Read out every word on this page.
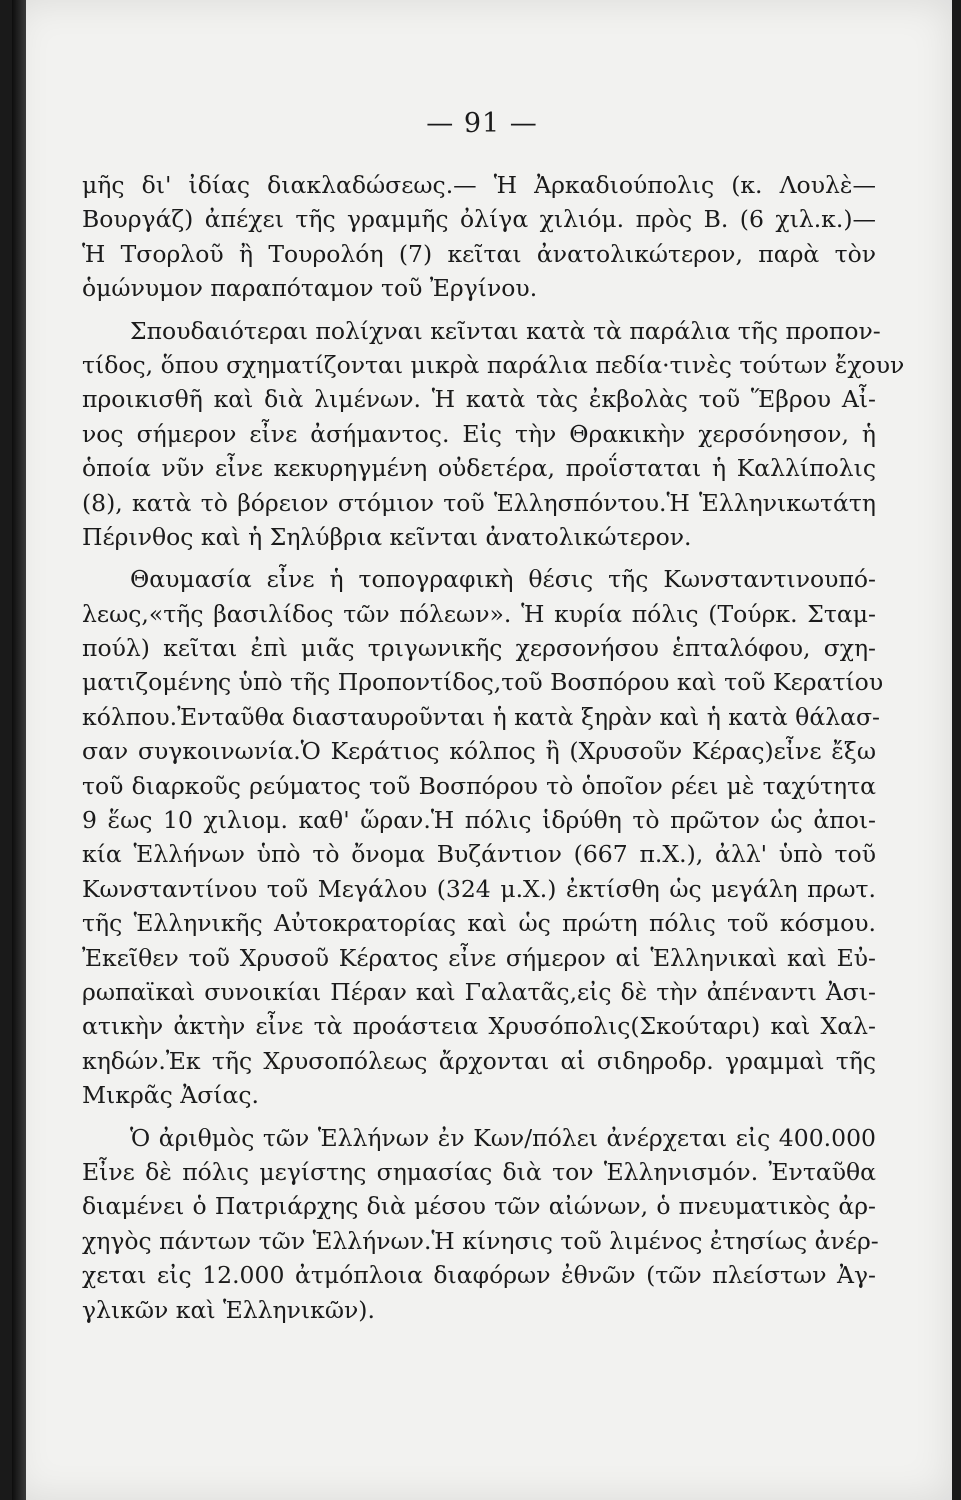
— 91 —
μῆς δι' ἰδίας διακλαδώσεως.— Ἡ Ἀρκαδιούπολις (κ. Λουλὲ—
Βουργάζ) ἀπέχει τῆς γραμμῆς ὀλίγα χιλιόμ. πρὸς Β. (6 χιλ.κ.)—
Ἡ Τσορλοῦ ἢ Τουρολόη (7) κεῖται ἀνατολικώτερον, παρὰ τὸν
ὁμώνυμον παραπόταμον τοῦ Ἐργίνου.
Σπουδαιότεραι πολίχναι κεῖνται κατὰ τὰ παράλια τῆς προπον-
τίδος, ὅπου σχηματίζονται μικρὰ παράλια πεδία·τινὲς τούτων ἔχουν
προικισθῆ καὶ διὰ λιμένων. Ἡ κατὰ τὰς ἐκβολὰς τοῦ Ἕβρου Αἶ-
νος σήμερον εἶνε ἀσήμαντος. Εἰς τὴν Θρακικὴν χερσόνησον, ἡ
ὁποία νῦν εἶνε κεκυρηγμένη οὐδετέρα, προΐσταται ἡ Καλλίπολις
(8), κατὰ τὸ βόρειον στόμιον τοῦ Ἑλλησπόντου.Ἡ Ἑλληνικωτάτη
Πέρινθος καὶ ἡ Σηλύβρια κεῖνται ἀνατολικώτερον.
Θαυμασία εἶνε ἡ τοπογραφικὴ θέσις τῆς Κωνσταντινουπό-
λεως,«τῆς βασιλίδος τῶν πόλεων». Ἡ κυρία πόλις (Τούρκ. Σταμ-
πούλ) κεῖται ἐπὶ μιᾶς τριγωνικῆς χερσονήσου ἑπταλόφου, σχη-
ματιζομένης ὑπὸ τῆς Προποντίδος,τοῦ Βοσπόρου καὶ τοῦ Κερατίου
κόλπου.Ἐνταῦθα διασταυροῦνται ἡ κατὰ ξηρὰν καὶ ἡ κατὰ θάλασ-
σαν συγκοινωνία.Ὁ Κεράτιος κόλπος ἢ (Χρυσοῦν Κέρας)εἶνε ἔξω
τοῦ διαρκοῦς ρεύματος τοῦ Βοσπόρου τὸ ὁποῖον ρέει μὲ ταχύτητα
9 ἕως 10 χιλιομ. καθ' ὥραν.Ἡ πόλις ἱδρύθη τὸ πρῶτον ὡς ἀποι-
κία Ἑλλήνων ὑπὸ τὸ ὄνομα Βυζάντιον (667 π.Χ.), ἀλλ' ὑπὸ τοῦ
Κωνσταντίνου τοῦ Μεγάλου (324 μ.Χ.) ἐκτίσθη ὡς μεγάλη πρωτ.
τῆς Ἑλληνικῆς Αὐτοκρατορίας καὶ ὡς πρώτη πόλις τοῦ κόσμου.
Ἐκεῖθεν τοῦ Χρυσοῦ Κέρατος εἶνε σήμερον αἱ Ἑλληνικαὶ καὶ Εὐ-
ρωπαϊκαὶ συνοικίαι Πέραν καὶ Γαλατᾶς,εἰς δὲ τὴν ἀπέναντι Ἀσι-
ατικὴν ἀκτὴν εἶνε τὰ προάστεια Χρυσόπολις(Σκούταρι) καὶ Χαλ-
κηδών.Ἐκ τῆς Χρυσοπόλεως ἄρχονται αἱ σιδηροδρ. γραμμαὶ τῆς
Μικρᾶς Ἀσίας.
Ὁ ἀριθμὸς τῶν Ἑλλήνων ἐν Κων/πόλει ἀνέρχεται εἰς 400.000
Εἶνε δὲ πόλις μεγίστης σημασίας διὰ τον Ἑλληνισμόν. Ἐνταῦθα
διαμένει ὁ Πατριάρχης διὰ μέσου τῶν αἰώνων, ὁ πνευματικὸς ἀρ-
χηγὸς πάντων τῶν Ἑλλήνων.Ἡ κίνησις τοῦ λιμένος ἐτησίως ἀνέρ-
χεται εἰς 12.000 ἀτμόπλοια διαφόρων ἐθνῶν (τῶν πλείστων Ἀγ-
γλικῶν καὶ Ἑλληνικῶν).
